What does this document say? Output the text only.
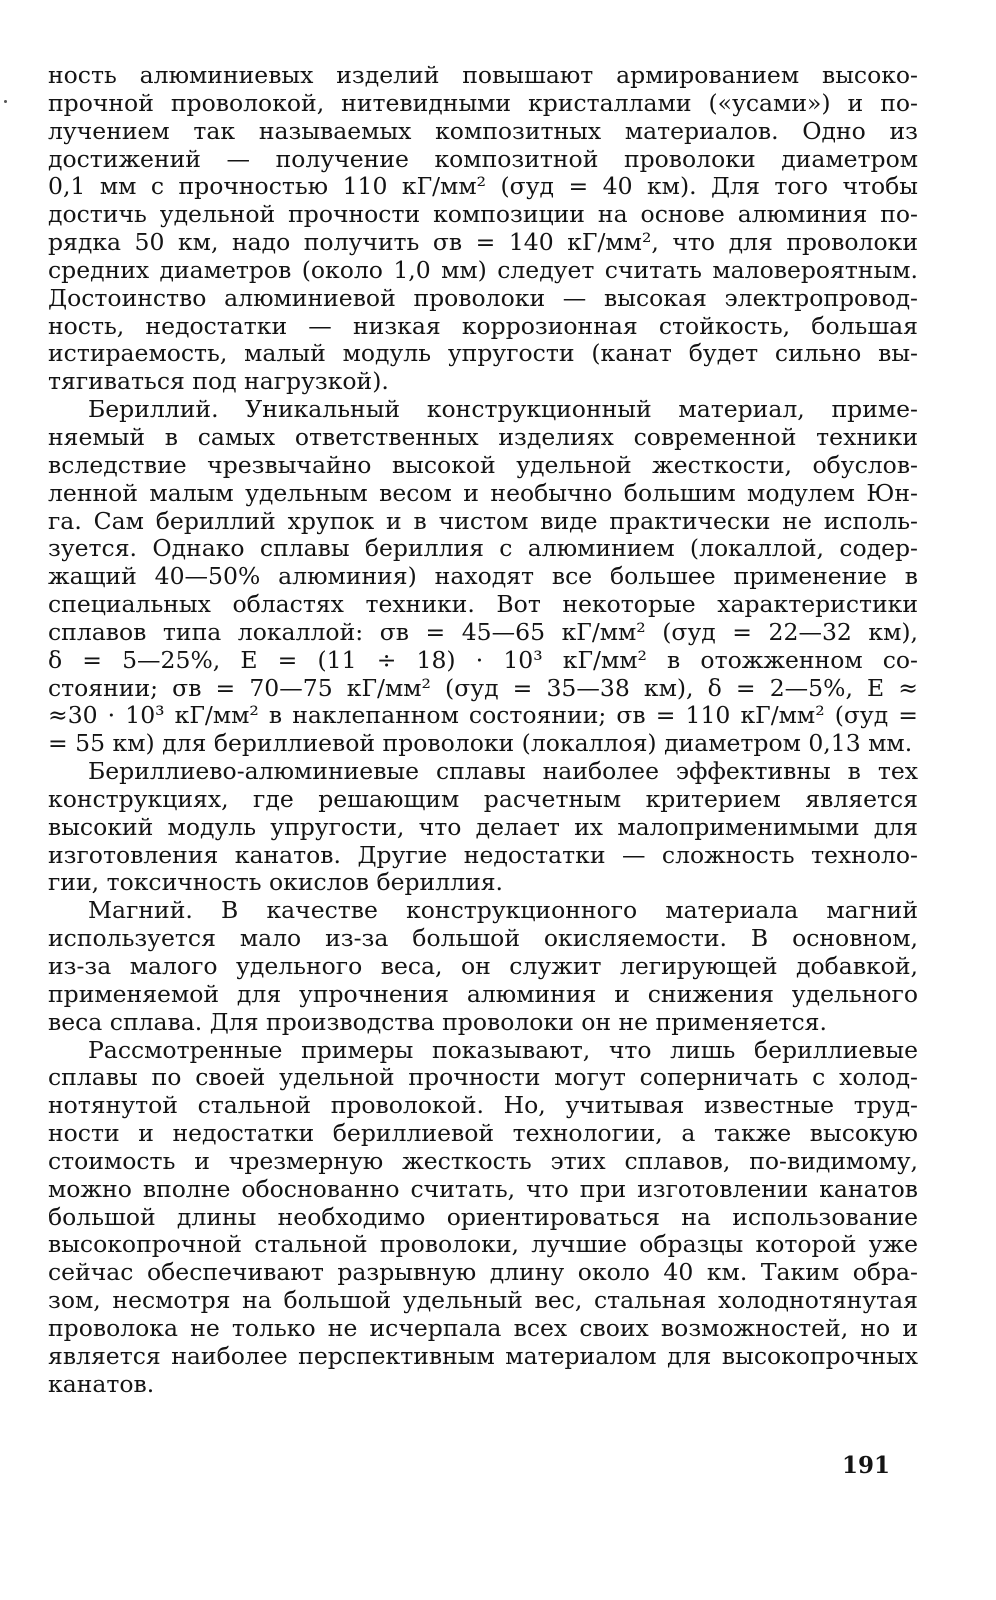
ность алюминиевых изделий повышают армированием высоко-
прочной проволокой, нитевидными кристаллами («усами») и по-
лучением так называемых композитных материалов. Одно из
достижений — получение композитной проволоки диаметром
0,1 мм с прочностью 110 кГ/мм² (σуд = 40 км). Для того чтобы
достичь удельной прочности композиции на основе алюминия по-
рядка 50 км, надо получить σв = 140 кГ/мм², что для проволоки
средних диаметров (около 1,0 мм) следует считать маловероятным.
Достоинство алюминиевой проволоки — высокая электропровод-
ность, недостатки — низкая коррозионная стойкость, большая
истираемость, малый модуль упругости (канат будет сильно вы-
тягиваться под нагрузкой).
Бериллий. Уникальный конструкционный материал, приме-
няемый в самых ответственных изделиях современной техники
вследствие чрезвычайно высокой удельной жесткости, обуслов-
ленной малым удельным весом и необычно большим модулем Юн-
га. Сам бериллий хрупок и в чистом виде практически не исполь-
зуется. Однако сплавы бериллия с алюминием (локаллой, содер-
жащий 40—50% алюминия) находят все большее применение в
специальных областях техники. Вот некоторые характеристики
сплавов типа локаллой: σв = 45—65 кГ/мм² (σуд = 22—32 км),
δ = 5—25%, E = (11 ÷ 18) · 10³ кГ/мм² в отожженном со-
стоянии; σв = 70—75 кГ/мм² (σуд = 35—38 км), δ = 2—5%, E ≈
≈30 · 10³ кГ/мм² в наклепанном состоянии; σв = 110 кГ/мм² (σуд =
= 55 км) для бериллиевой проволоки (локаллоя) диаметром 0,13 мм.
Бериллиево-алюминиевые сплавы наиболее эффективны в тех
конструкциях, где решающим расчетным критерием является
высокий модуль упругости, что делает их малоприменимыми для
изготовления канатов. Другие недостатки — сложность техноло-
гии, токсичность окислов бериллия.
Магний. В качестве конструкционного материала магний
используется мало из-за большой окисляемости. В основном,
из-за малого удельного веса, он служит легирующей добавкой,
применяемой для упрочнения алюминия и снижения удельного
веса сплава. Для производства проволоки он не применяется.
Рассмотренные примеры показывают, что лишь бериллиевые
сплавы по своей удельной прочности могут соперничать с холод-
нотянутой стальной проволокой. Но, учитывая известные труд-
ности и недостатки бериллиевой технологии, а также высокую
стоимость и чрезмерную жесткость этих сплавов, по-видимому,
можно вполне обоснованно считать, что при изготовлении канатов
большой длины необходимо ориентироваться на использование
высокопрочной стальной проволоки, лучшие образцы которой уже
сейчас обеспечивают разрывную длину около 40 км. Таким обра-
зом, несмотря на большой удельный вес, стальная холоднотянутая
проволока не только не исчерпала всех своих возможностей, но и
является наиболее перспективным материалом для высокопрочных
канатов.
191
